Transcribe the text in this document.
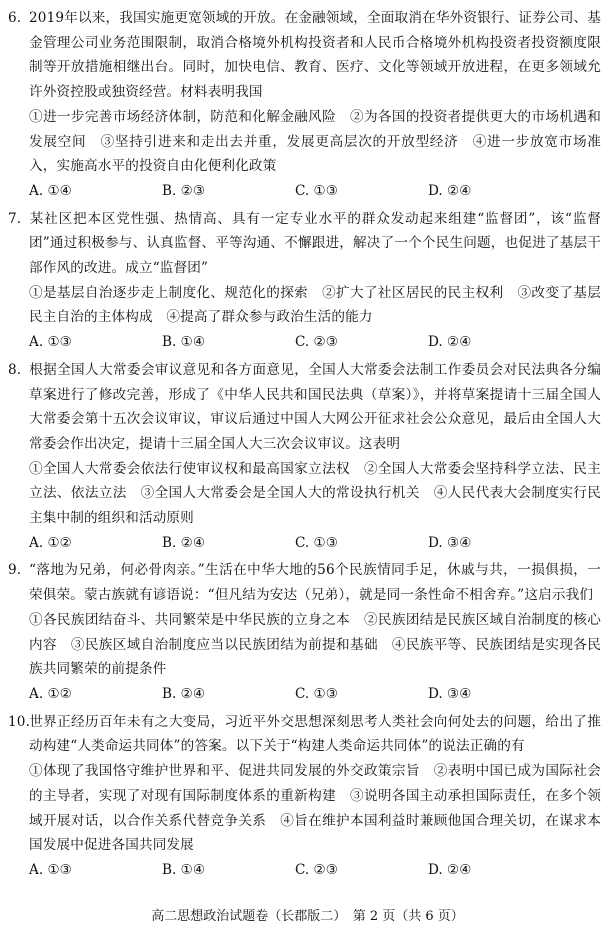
6. 2019年以来，我国实施更宽领域的开放。在金融领域，全面取消在华外资银行、证券公司、基金管理公司业务范围限制，取消合格境外机构投资者和人民币合格境外机构投资者投资额度限制等开放措施相继出台。同时，加快电信、教育、医疗、文化等领域开放进程，在更多领域允许外资控股或独资经营。材料表明我国
①进一步完善市场经济体制，防范和化解金融风险　②为各国的投资者提供更大的市场机遇和发展空间　③坚持引进来和走出去并重，发展更高层次的开放型经济　④进一步放宽市场准入，实施高水平的投资自由化便利化政策
A. ①④	B. ②③	C. ①③	D. ②④
7. 某社区把本区党性强、热情高、具有一定专业水平的群众发动起来组建“监督团”，该“监督团”通过积极参与、认真监督、平等沟通、不懈跟进，解决了一个个民生问题，也促进了基层干部作风的改进。成立“监督团”
①是基层自治逐步走上制度化、规范化的探索　②扩大了社区居民的民主权利　③改变了基层民主自治的主体构成　④提高了群众参与政治生活的能力
A. ①③	B. ①④	C. ②③	D. ②④
8. 根据全国人大常委会审议意见和各方面意见，全国人大常委会法制工作委员会对民法典各分编草案进行了修改完善，形成了《中华人民共和国民法典（草案）》，并将草案提请十三届全国人大常委会第十五次会议审议，审议后通过中国人大网公开征求社会公众意见，最后由全国人大常委会作出决定，提请十三届全国人大三次会议审议。这表明
①全国人大常委会依法行使审议权和最高国家立法权　②全国人大常委会坚持科学立法、民主立法、依法立法　③全国人大常委会是全国人大的常设执行机关　④人民代表大会制度实行民主集中制的组织和活动原则
A. ①②	B. ②④	C. ①③	D. ③④
9. “落地为兄弟，何必骨肉亲。”生活在中华大地的56个民族情同手足，休戚与共，一损俱损，一荣俱荣。蒙古族就有谚语说：“但凡结为安达（兄弟），就是同一条性命不相舍弃。”这启示我们
①各民族团结奋斗、共同繁荣是中华民族的立身之本　②民族团结是民族区域自治制度的核心内容　③民族区域自治制度应当以民族团结为前提和基础　④民族平等、民族团结是实现各民族共同繁荣的前提条件
A. ①②	B. ②④	C. ①③	D. ③④
10.世界正经历百年未有之大变局，习近平外交思想深刻思考人类社会向何处去的问题，给出了推动构建“人类命运共同体”的答案。以下关于“构建人类命运共同体”的说法正确的有
①体现了我国恪守维护世界和平、促进共同发展的外交政策宗旨　②表明中国已成为国际社会的主导者，实现了对现有国际制度体系的重新构建　③说明各国主动承担国际责任，在多个领域开展对话，以合作关系代替竞争关系　④旨在维护本国利益时兼顾他国合理关切，在谋求本国发展中促进各国共同发展
A. ①③	B. ①④	C. ②③	D. ②④
高二思想政治试题卷（长郡版二）　第 2 页（共 6 页）
